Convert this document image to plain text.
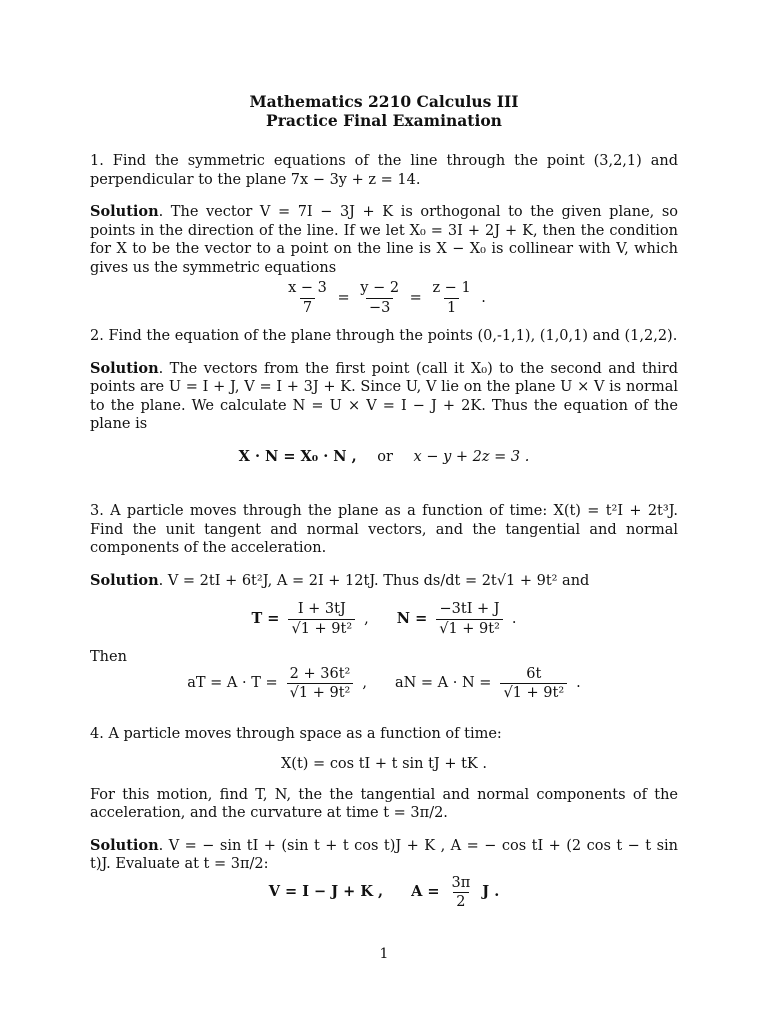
Mathematics 2210 Calculus III
Practice Final Examination

1. Find the symmetric equations of the line through the point (3,2,1) and perpendicular to the plane 7x − 3y + z = 14.

Solution. The vector V = 7I − 3J + K is orthogonal to the given plane, so points in the direction of the line. If we let X₀ = 3I + 2J + K, then the condition for X to be the vector to a point on the line is X − X₀ is collinear with V, which gives us the symmetric equations

$\frac{x - 3}{7} = \frac{y - 2}{-3} = \frac{z - 1}{1}$ .

2. Find the equation of the plane through the points (0,-1,1), (1,0,1) and (1,2,2).

Solution. The vectors from the first point (call it X₀) to the second and third points are U = I + J, V = I + 3J + K. Since U, V lie on the plane U × V is normal to the plane. We calculate N = U × V = I − J + 2K. Thus the equation of the plane is

X · N = X₀ · N , or x − y + 2z = 3 .

3. A particle moves through the plane as a function of time: X(t) = t²I + 2t³J. Find the unit tangent and normal vectors, and the tangential and normal components of the acceleration.

Solution. V = 2tI + 6t²J, A = 2I + 12tJ. Thus ds/dt = 2t√1 + 9t² and

$T = \frac{I + 3tJ}{\text{√1 + 9t²}}$ , $N = \frac{-3tI + J}{\text{√1 + 9t²}}$ .

Then

aT = $A \cdot T = \frac{\text{2 + 36t²}}{\text{√1 + 9t²}}$ , aN = $A \cdot N = \frac{6t}{\text{√1 + 9t²}}$ .

4. A particle moves through space as a function of time:

X(t) = cos tI + t sin tJ + tK .

For this motion, find T, N, the the tangential and normal components of the acceleration, and the curvature at time t = 3π/2.

Solution. V = − sin tI + (sin t + t cos t)J + K , A = − cos tI + (2 cos t − t sin t)J. Evaluate at t = 3π/2:

V = I − J + K , $A = \frac{3\pi}{2}$ J .
1
